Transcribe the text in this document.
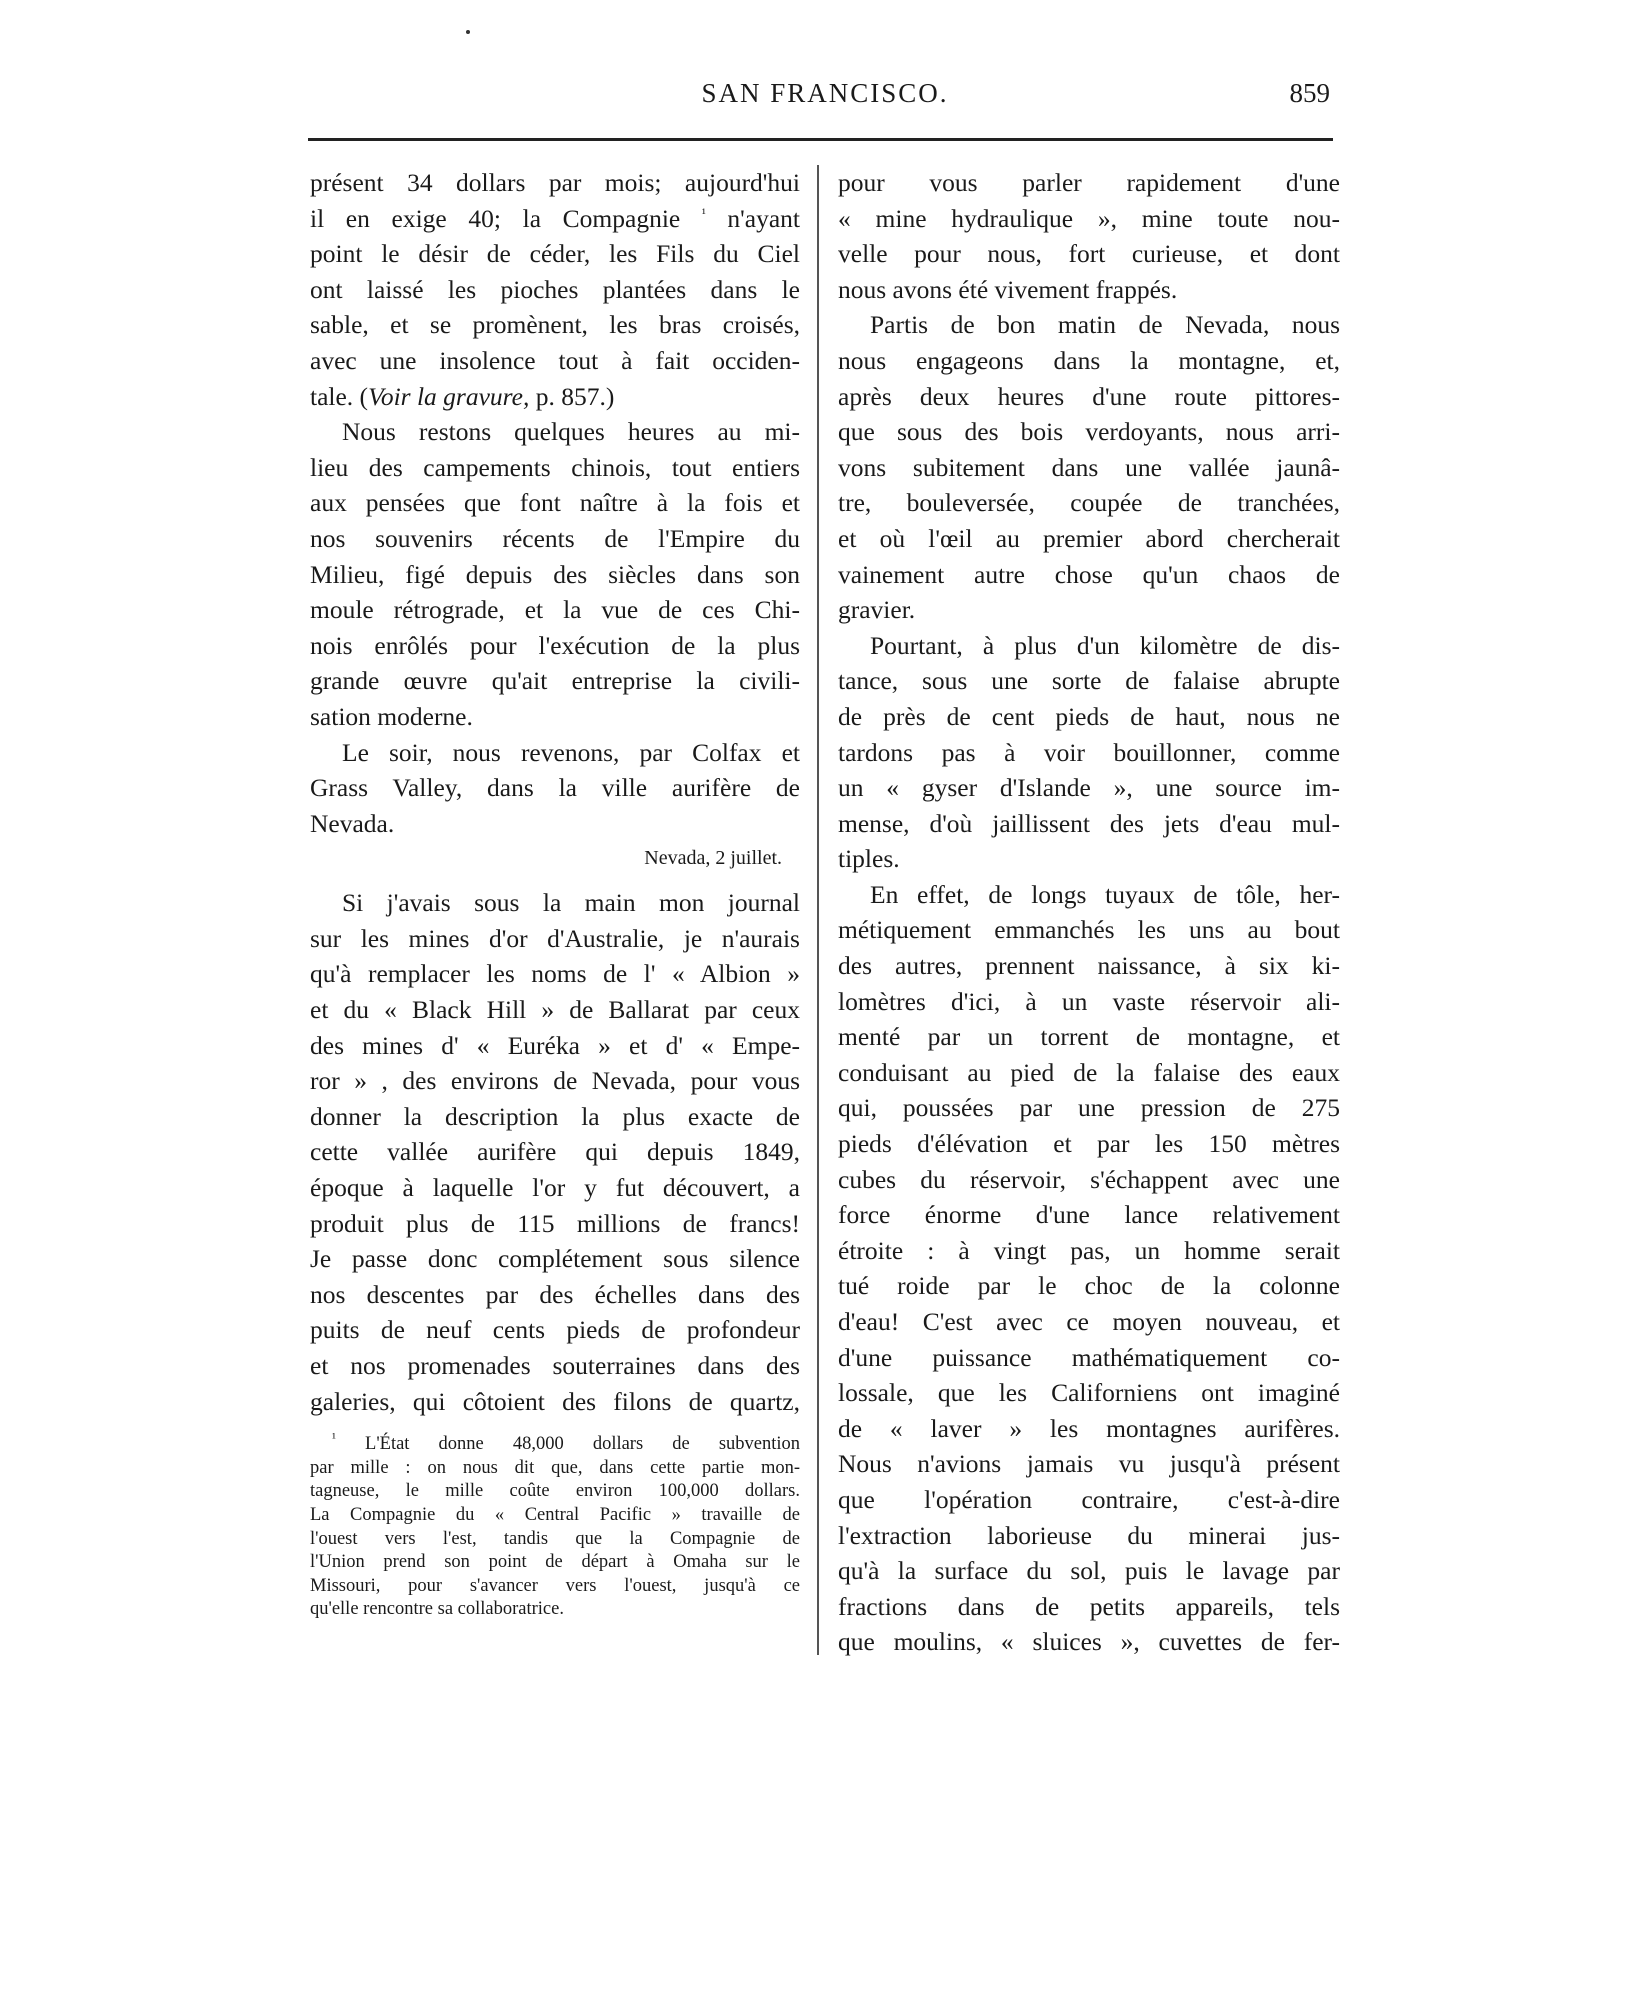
SAN FRANCISCO.	859
présent 34 dollars par mois; aujourd'hui
il en exige 40; la Compagnie $^{^1}$ n'ayant
point le désir de céder, les Fils du Ciel
ont laissé les pioches plantées dans le
sable, et se promènent, les bras croisés,
avec une insolence tout à fait occiden-
tale. (Voir la gravure, p. 857.)
Nous restons quelques heures au mi-
lieu des campements chinois, tout entiers
aux pensées que font naître à la fois et
nos souvenirs récents de l'Empire du
Milieu, figé depuis des siècles dans son
moule rétrograde, et la vue de ces Chi-
nois enrôlés pour l'exécution de la plus
grande œuvre qu'ait entreprise la civili-
sation moderne.
Le soir, nous revenons, par Colfax et
Grass Valley, dans la ville aurifère de
Nevada.
Nevada, 2 juillet.
Si j'avais sous la main mon journal
sur les mines d'or d'Australie, je n'aurais
qu'à remplacer les noms de l' « Albion »
et du « Black Hill » de Ballarat par ceux
des mines d' « Euréka » et d' « Empe-
ror » , des environs de Nevada, pour vous
donner la description la plus exacte de
cette vallée aurifère qui depuis 1849,
époque à laquelle l'or y fut découvert, a
produit plus de 115 millions de francs!
Je passe donc complétement sous silence
nos descentes par des échelles dans des
puits de neuf cents pieds de profondeur
et nos promenades souterraines dans des
galeries, qui côtoient des filons de quartz,
$^{^1}$ L'État donne 48,000 dollars de subvention
par mille : on nous dit que, dans cette partie mon-
tagneuse, le mille coûte environ 100,000 dollars.
La Compagnie du « Central Pacific » travaille de
l'ouest vers l'est, tandis que la Compagnie de
l'Union prend son point de départ à Omaha sur le
Missouri, pour s'avancer vers l'ouest, jusqu'à ce
qu'elle rencontre sa collaboratrice.
pour vous parler rapidement d'une
« mine hydraulique », mine toute nou-
velle pour nous, fort curieuse, et dont
nous avons été vivement frappés.
Partis de bon matin de Nevada, nous
nous engageons dans la montagne, et,
après deux heures d'une route pittores-
que sous des bois verdoyants, nous arri-
vons subitement dans une vallée jaunâ-
tre, bouleversée, coupée de tranchées,
et où l'œil au premier abord chercherait
vainement autre chose qu'un chaos de
gravier.
Pourtant, à plus d'un kilomètre de dis-
tance, sous une sorte de falaise abrupte
de près de cent pieds de haut, nous ne
tardons pas à voir bouillonner, comme
un « gyser d'Islande », une source im-
mense, d'où jaillissent des jets d'eau mul-
tiples.
En effet, de longs tuyaux de tôle, her-
métiquement emmanchés les uns au bout
des autres, prennent naissance, à six ki-
lomètres d'ici, à un vaste réservoir ali-
menté par un torrent de montagne, et
conduisant au pied de la falaise des eaux
qui, poussées par une pression de 275
pieds d'élévation et par les 150 mètres
cubes du réservoir, s'échappent avec une
force énorme d'une lance relativement
étroite : à vingt pas, un homme serait
tué roide par le choc de la colonne
d'eau! C'est avec ce moyen nouveau, et
d'une puissance mathématiquement co-
lossale, que les Californiens ont imaginé
de « laver » les montagnes aurifères.
Nous n'avions jamais vu jusqu'à présent
que l'opération contraire, c'est-à-dire
l'extraction laborieuse du minerai jus-
qu'à la surface du sol, puis le lavage par
fractions dans de petits appareils, tels
que moulins, « sluices », cuvettes de fer-
